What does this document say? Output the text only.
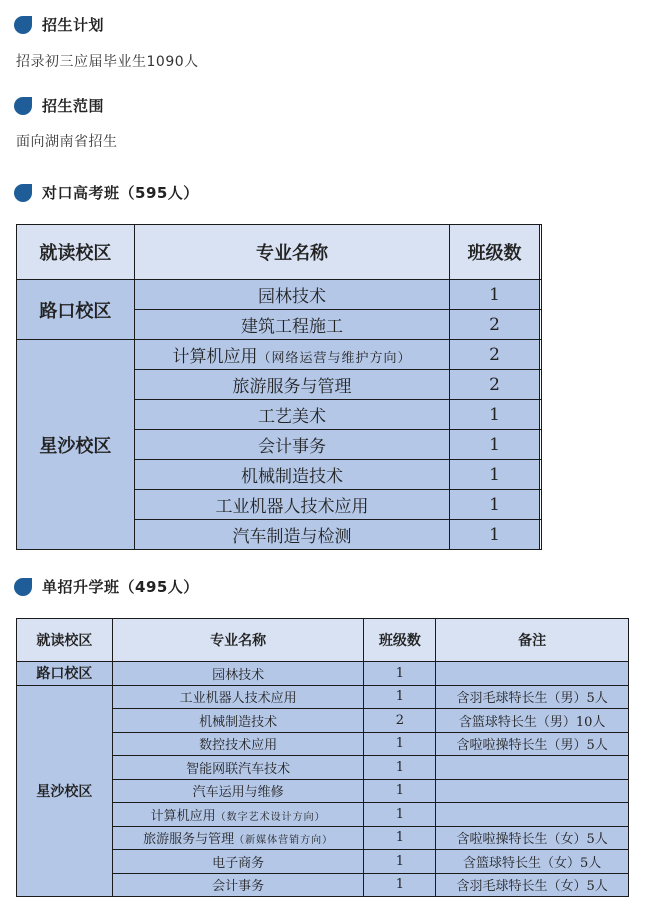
招生计划
招录初三应届毕业生1090人
招生范围
面向湖南省招生
对口高考班（595人）
就读校区	专业名称	班级数	
路口校区	园林技术	1	
	建筑工程施工	2	
星沙校区	计算机应用（网络运营与维护方向）	2	
	旅游服务与管理	2	
	工艺美术	1	
	会计事务	1	
	机械制造技术	1	
	工业机器人技术应用	1	
	汽车制造与检测	1	
单招升学班（495人）
就读校区	专业名称	班级数	备注
路口校区	园林技术	1	
星沙校区	工业机器人技术应用	1	含羽毛球特长生（男）5人
	机械制造技术	2	含篮球特长生（男）10人
	数控技术应用	1	含啦啦操特长生（男）5人
	智能网联汽车技术	1	
	汽车运用与维修	1	
	计算机应用（数字艺术设计方向）	1	
	旅游服务与管理（新媒体营销方向）	1	含啦啦操特长生（女）5人
	电子商务	1	含篮球特长生（女）5人
	会计事务	1	含羽毛球特长生（女）5人
